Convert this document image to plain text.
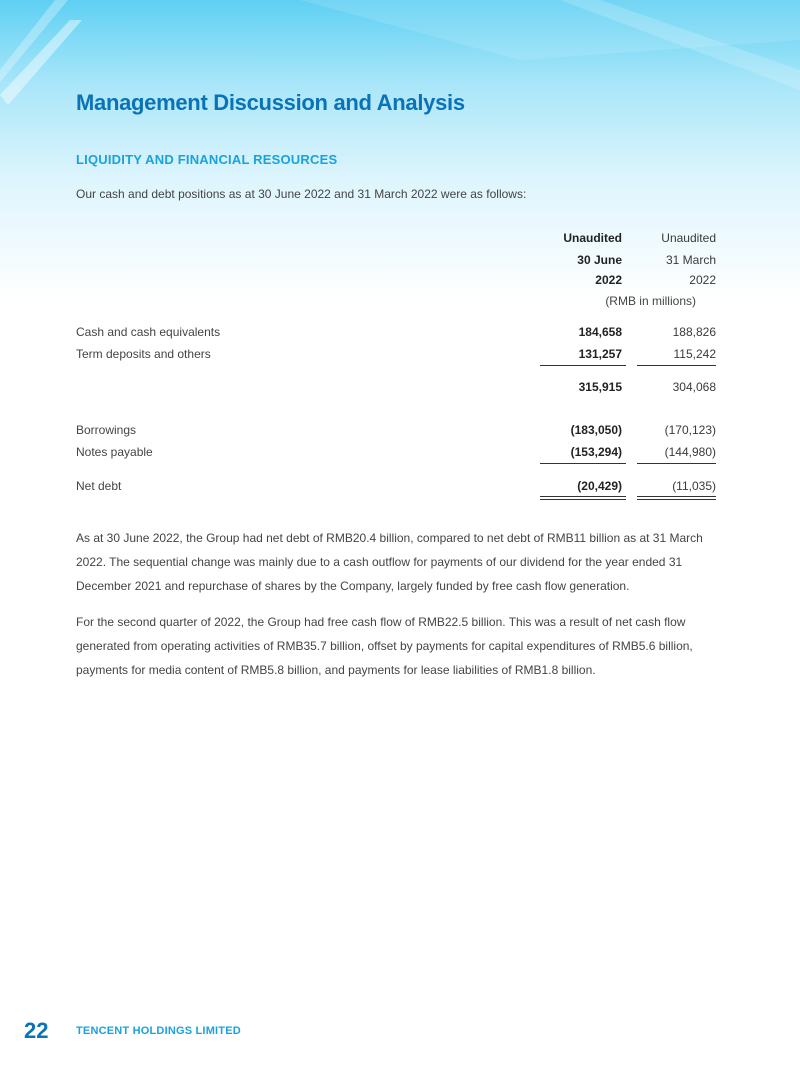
Management Discussion and Analysis
LIQUIDITY AND FINANCIAL RESOURCES
Our cash and debt positions as at 30 June 2022 and 31 March 2022 were as follows:
Unaudited	Unaudited
30 June	31 March
2022	2022
(RMB in millions)
Cash and cash equivalents	184,658	188,826
Term deposits and others	131,257	115,242
315,915	304,068
Borrowings	(183,050)	(170,123)
Notes payable	(153,294)	(144,980)
Net debt	(20,429)	(11,035)
As at 30 June 2022, the Group had net debt of RMB20.4 billion, compared to net debt of RMB11 billion as at 31 March 2022. The sequential change was mainly due to a cash outflow for payments of our dividend for the year ended 31 December 2021 and repurchase of shares by the Company, largely funded by free cash flow generation.
For the second quarter of 2022, the Group had free cash flow of RMB22.5 billion. This was a result of net cash flow generated from operating activities of RMB35.7 billion, offset by payments for capital expenditures of RMB5.6 billion, payments for media content of RMB5.8 billion, and payments for lease liabilities of RMB1.8 billion.
22	TENCENT HOLDINGS LIMITED
